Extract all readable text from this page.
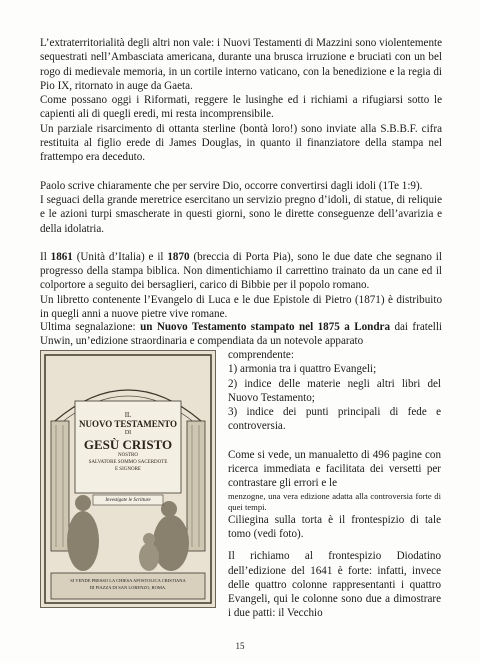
L’extraterritorialità degli altri non vale: i Nuovi Testamenti di Mazzini sono violentemente sequestrati nell’Ambasciata americana, durante una brusca irruzione e bruciati con un bel rogo di medievale memoria, in un cortile interno vaticano, con la benedizione e la regia di Pio IX, ritornato in auge da Gaeta.

Come possano oggi i Riformati, reggere le lusinghe ed i richiami a rifugiarsi sotto le capienti ali di quegli eredi, mi resta incomprensibile.

Un parziale risarcimento di ottanta sterline (bontà loro!) sono inviate alla S.B.B.F. cifra restituita al figlio erede di James Douglas, in quanto il finanziatore della stampa nel frattempo era deceduto.

Paolo scrive chiaramente che per servire Dio, occorre convertirsi dagli idoli (1Te 1:9).

I seguaci della grande meretrice esercitano un servizio pregno d’idoli, di statue, di reliquie e le azioni turpi smascherate in questi giorni, sono le dirette conseguenze dell’avarizia e della idolatria.

Il 1861 (Unità d’Italia) e il 1870 (breccia di Porta Pia), sono le due date che segnano il progresso della stampa biblica. Non dimentichiamo il carrettino trainato da un cane ed il colportore a seguito dei bersaglieri, carico di Bibbie per il popolo romano.

Un libretto contenente l’Evangelo di Luca e le due Epistole di Pietro (1871) è distribuito in quegli anni a nuove pietre vive romane.

Ultima segnalazione: un Nuovo Testamento stampato nel 1875 a Londra dai fratelli Unwin, un’edizione straordinaria e compendiata da un notevole apparato
IL
NUOVO TESTAMENTO
DI
GESÙ CRISTO
NOSTRO
SALVATORE SOMMO SACERDOTE
E SIGNORE
Investigate le Scritture
SI VENDE PRESSO LA CHIESA APOSTOLICA CRISTIANA
DI PIAZZA DI SAN LORENZO, ROMA.

comprendente:

1) armonia tra i quattro Evangeli;

2) indice delle materie negli altri libri del Nuovo Testamento;

3) indice dei punti principali di fede e controversia.

Come si vede, un manualetto di 496 pagine con ricerca immediata e facilitata dei versetti per contrastare gli errori e le

menzogne, una vera edizione adatta alla controversia forte di quei tempi.

Ciliegina sulla torta è il frontespizio di tale tomo (vedi foto).

Il richiamo al frontespizio Diodatino dell’edizione del 1641 è forte: infatti, invece delle quattro colonne rappresentanti i quattro Evangeli, qui le colonne sono due a dimostrare i due patti: il Vecchio

15
